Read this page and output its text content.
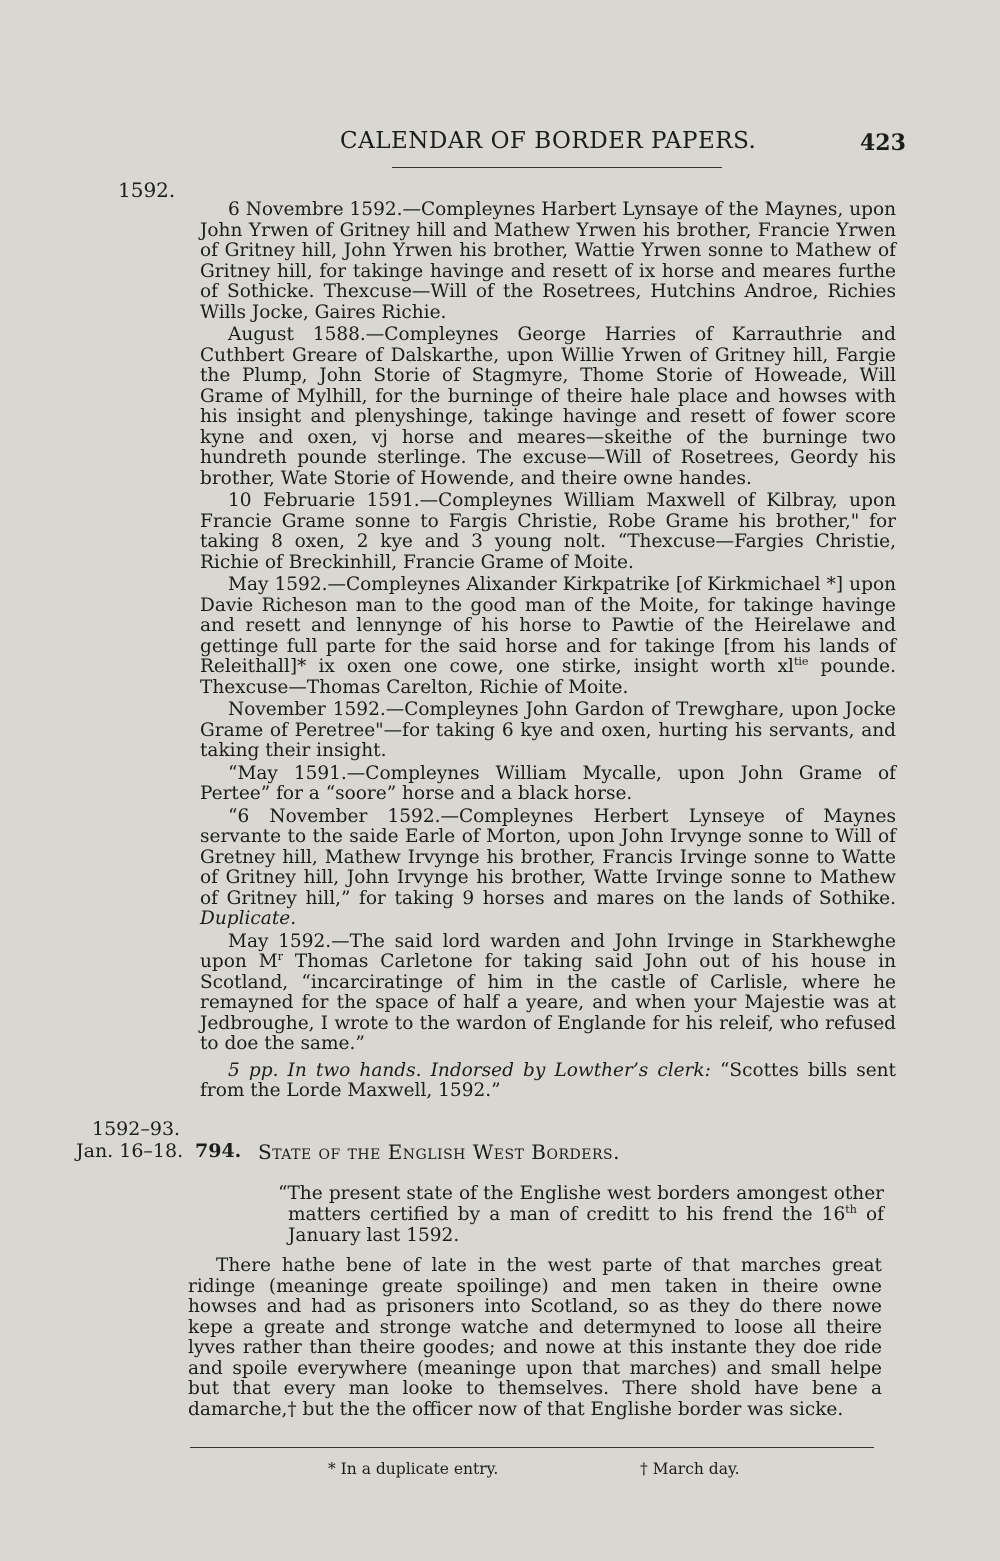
CALENDAR OF BORDER PAPERS.	423
1592.

6 Novembre 1592.—Compleynes Harbert Lynsaye of the Maynes, upon John Yrwen of Gritney hill and Mathew Yrwen his brother, Francie Yrwen of Gritney hill, John Yrwen his brother, Wattie Yrwen sonne to Mathew of Gritney hill, for takinge havinge and resett of ix horse and meares furthe of Sothicke. Thexcuse—Will of the Rosetrees, Hutchins Androe, Richies Wills Jocke, Gaires Richie.

August 1588.—Compleynes George Harries of Karrauthrie and Cuthbert Greare of Dalskarthe, upon Willie Yrwen of Gritney hill, Fargie the Plump, John Storie of Stagmyre, Thome Storie of Howeade, Will Grame of Mylhill, for the burninge of theire hale place and howses with his insight and plenyshinge, takinge havinge and resett of fower score kyne and oxen, vj horse and meares—skeithe of the burninge two hundreth pounde sterlinge. The excuse—Will of Rosetrees, Geordy his brother, Wate Storie of Howende, and theire owne handes.

10 Februarie 1591.—Compleynes William Maxwell of Kilbray, upon Francie Grame sonne to Fargis Christie, Robe Grame his brother," for taking 8 oxen, 2 kye and 3 young nolt. “Thexcuse—Fargies Christie, Richie of Breckinhill, Francie Grame of Moite.

May 1592.—Compleynes Alixander Kirkpatrike [of Kirkmichael *] upon Davie Richeson man to the good man of the Moite, for takinge havinge and resett and lennynge of his horse to Pawtie of the Heirelawe and gettinge full parte for the said horse and for takinge [from his lands of Releithall]* ix oxen one cowe, one stirke, insight worth $xl^{tie}$ pounde. Thexcuse—Thomas Carelton, Richie of Moite.

November 1592.—Compleynes John Gardon of Trewghare, upon Jocke Grame of Peretree"—for taking 6 kye and oxen, hurting his servants, and taking their insight.

“May 1591.—Compleynes William Mycalle, upon John Grame of Pertee” for a “soore” horse and a black horse.

“6 November 1592.—Compleynes Herbert Lynseye of Maynes servante to the saide Earle of Morton, upon John Irvynge sonne to Will of Gretney hill, Mathew Irvynge his brother, Francis Irvinge sonne to Watte of Gritney hill, John Irvynge his brother, Watte Irvinge sonne to Mathew of Gritney hill,” for taking 9 horses and mares on the lands of Sothike. Duplicate.

May 1592.—The said lord warden and John Irvinge in Starkhewghe upon $M^r$ Thomas Carletone for taking said John out of his house in Scotland, “incarciratinge of him in the castle of Carlisle, where he remayned for the space of half a yeare, and when your Majestie was at Jedbroughe, I wrote to the wardon of Englande for his releif, who refused to doe the same.”

5 pp. In two hands. Indorsed by Lowther’s clerk: “Scottes bills sent from the Lorde Maxwell, 1592.”

1592–93.
Jan. 16–18. 794. State of the English West Borders.

“The present state of the Englishe west borders amongest other matters certified by a man of creditt to his frend the 16th of January last 1592.

There hathe bene of late in the west parte of that marches great ridinge (meaninge greate spoilinge) and men taken in theire owne howses and had as prisoners into Scotland, so as they do there nowe kepe a greate and stronge watche and determyned to loose all theire lyves rather than theire goodes; and nowe at this instante they doe ride and spoile everywhere (meaninge upon that marches) and small helpe but that every man looke to themselves. There shold have bene a damarche,† but the the officer now of that Englishe border was sicke.

* In a duplicate entry.	† March day.
